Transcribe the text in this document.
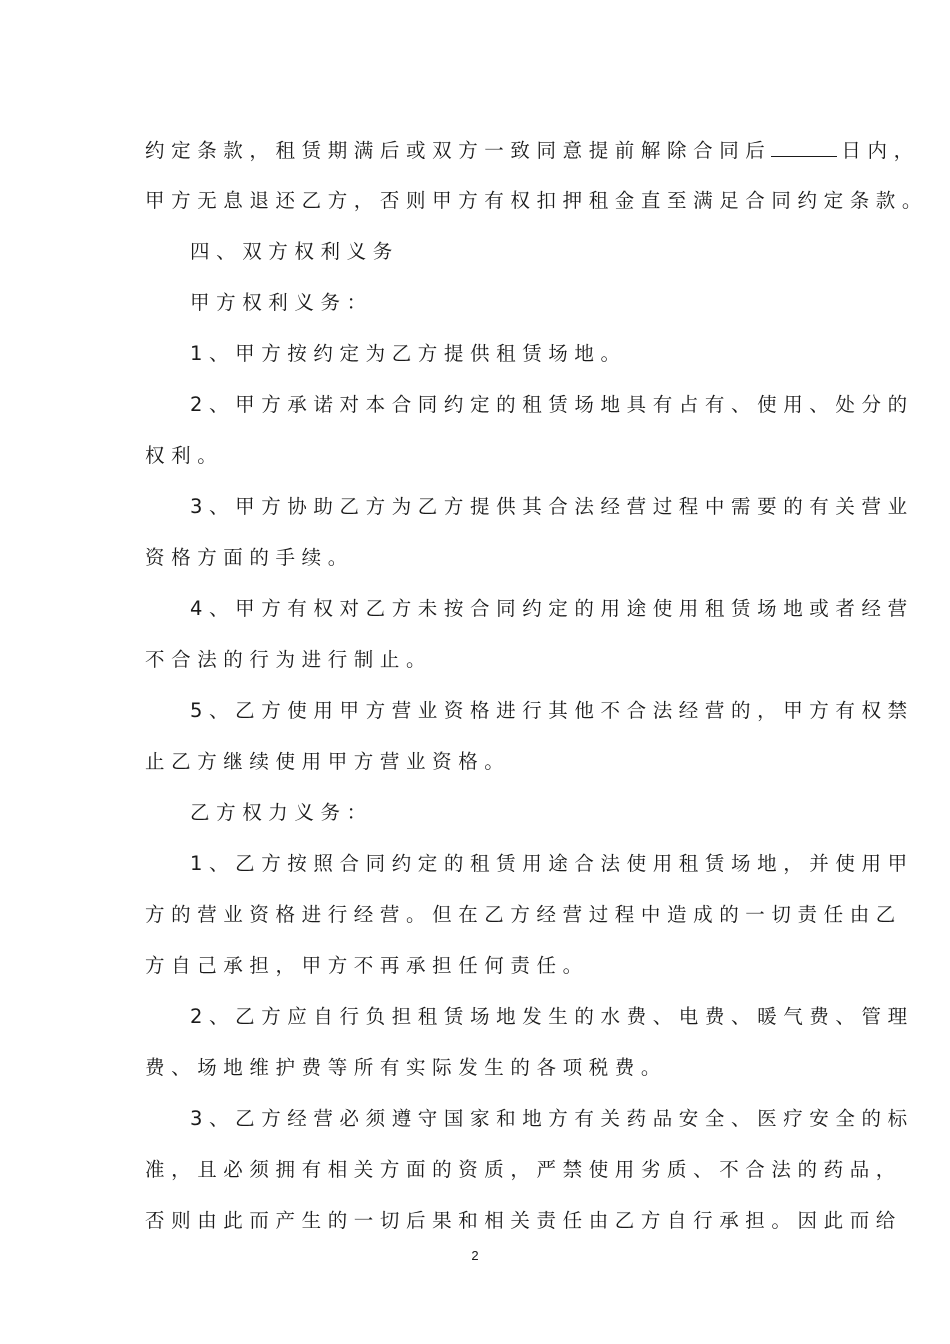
约定条款，租赁期满后或双方一致同意提前解除合同后	日内，
甲方无息退还乙方，否则甲方有权扣押租金直至满足合同约定条款。
四、双方权利义务
甲方权利义务：
1、甲方按约定为乙方提供租赁场地。
2、甲方承诺对本合同约定的租赁场地具有占有、使用、处分的
权利。
3、甲方协助乙方为乙方提供其合法经营过程中需要的有关营业
资格方面的手续。
4、甲方有权对乙方未按合同约定的用途使用租赁场地或者经营
不合法的行为进行制止。
5、乙方使用甲方营业资格进行其他不合法经营的，甲方有权禁
止乙方继续使用甲方营业资格。
乙方权力义务：
1、乙方按照合同约定的租赁用途合法使用租赁场地，并使用甲
方的营业资格进行经营。但在乙方经营过程中造成的一切责任由乙
方自己承担，甲方不再承担任何责任。
2、乙方应自行负担租赁场地发生的水费、电费、暖气费、管理
费、场地维护费等所有实际发生的各项税费。
3、乙方经营必须遵守国家和地方有关药品安全、医疗安全的标
准，且必须拥有相关方面的资质，严禁使用劣质、不合法的药品，
否则由此而产生的一切后果和相关责任由乙方自行承担。因此而给
2
